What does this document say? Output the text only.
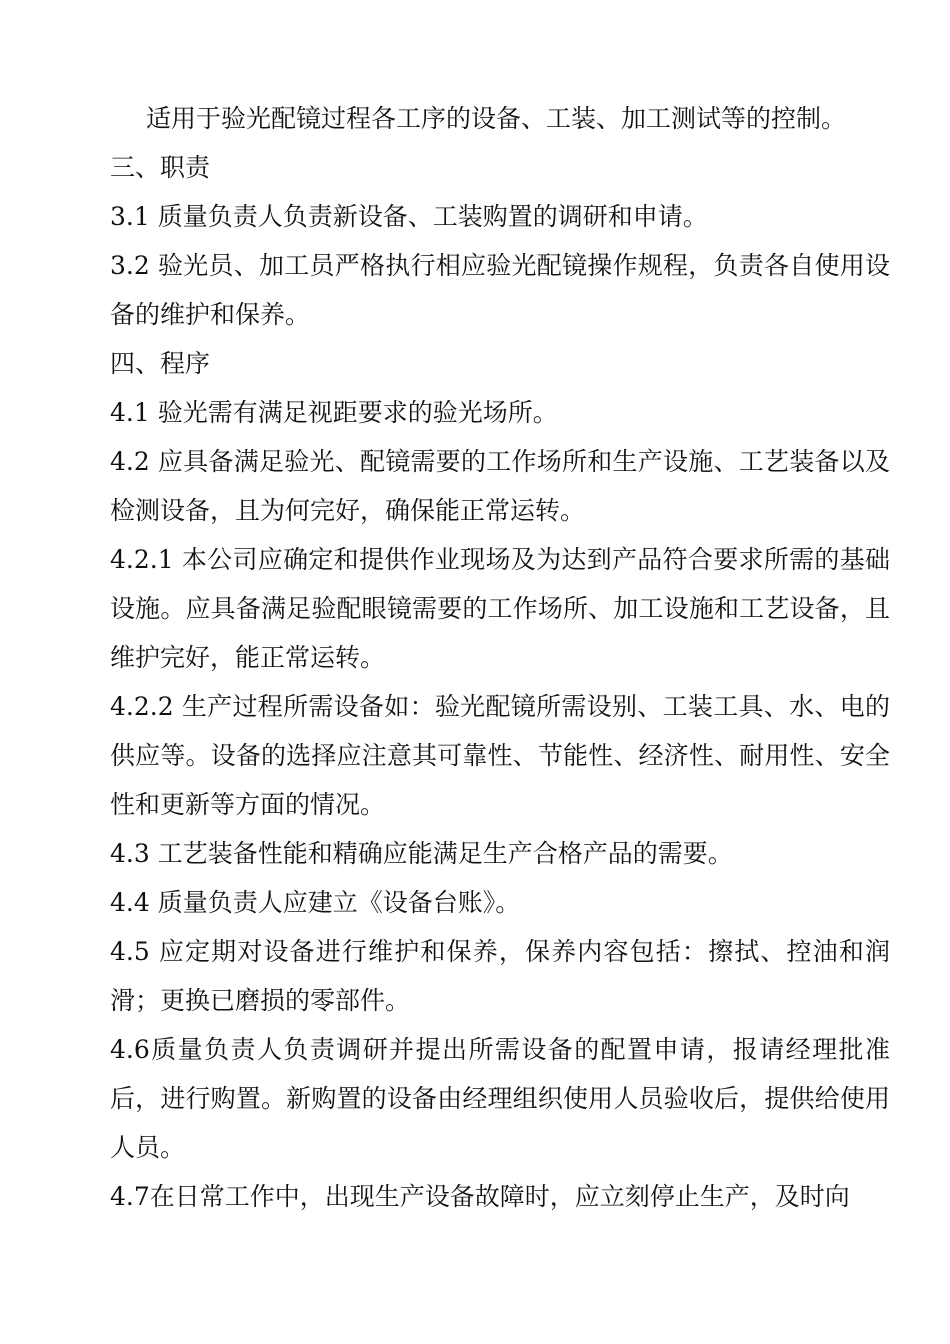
适用于验光配镜过程各工序的设备、工装、加工测试等的控制。

三、职责

3.1 质量负责人负责新设备、工装购置的调研和申请。

3.2 验光员、加工员严格执行相应验光配镜操作规程，负责各自使用设备的维护和保养。

四、程序

4.1 验光需有满足视距要求的验光场所。

4.2 应具备满足验光、配镜需要的工作场所和生产设施、工艺装备以及检测设备，且为何完好，确保能正常运转。

4.2.1 本公司应确定和提供作业现场及为达到产品符合要求所需的基础设施。应具备满足验配眼镜需要的工作场所、加工设施和工艺设备，且维护完好，能正常运转。

4.2.2 生产过程所需设备如：验光配镜所需设别、工装工具、水、电的供应等。设备的选择应注意其可靠性、节能性、经济性、耐用性、安全性和更新等方面的情况。

4.3 工艺装备性能和精确应能满足生产合格产品的需要。

4.4 质量负责人应建立《设备台账》。

4.5 应定期对设备进行维护和保养，保养内容包括：擦拭、控油和润滑；更换已磨损的零部件。

4.6质量负责人负责调研并提出所需设备的配置申请，报请经理批准后，进行购置。新购置的设备由经理组织使用人员验收后，提供给使用人员。

4.7在日常工作中，出现生产设备故障时，应立刻停止生产，及时向
